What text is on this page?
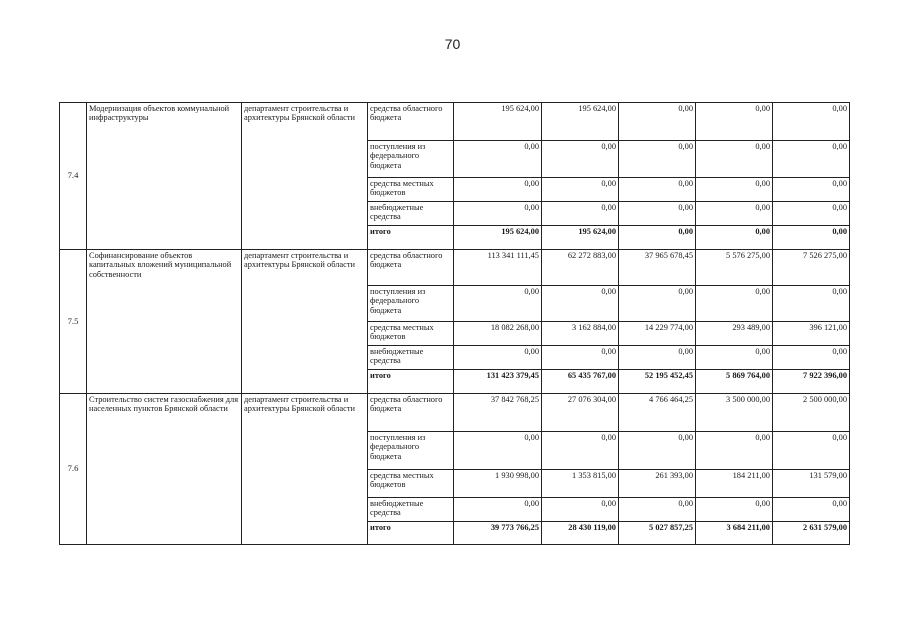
70
7.4	Модернизация объектов коммунальной инфраструктуры	департамент строительства и архитектуры Брянской области	средства областного бюджета	195 624,00	195 624,00	0,00	0,00	0,00
			поступления из федерального бюджета	0,00	0,00	0,00	0,00	0,00
			средства местных бюджетов	0,00	0,00	0,00	0,00	0,00
			внебюджетные средства	0,00	0,00	0,00	0,00	0,00
			итого	195 624,00	195 624,00	0,00	0,00	0,00
7.5	Софинансирование объектов капитальных вложений муниципальной собственности	департамент строительства и архитектуры Брянской области	средства областного бюджета	113 341 111,45	62 272 883,00	37 965 678,45	5 576 275,00	7 526 275,00
			поступления из федерального бюджета	0,00	0,00	0,00	0,00	0,00
			средства местных бюджетов	18 082 268,00	3 162 884,00	14 229 774,00	293 489,00	396 121,00
			внебюджетные средства	0,00	0,00	0,00	0,00	0,00
			итого	131 423 379,45	65 435 767,00	52 195 452,45	5 869 764,00	7 922 396,00
7.6	Строительство систем газоснабжения для населенных пунктов Брянской области	департамент строительства и архитектуры Брянской области	средства областного бюджета	37 842 768,25	27 076 304,00	4 766 464,25	3 500 000,00	2 500 000,00
			поступления из федерального бюджета	0,00	0,00	0,00	0,00	0,00
			средства местных бюджетов	1 930 998,00	1 353 815,00	261 393,00	184 211,00	131 579,00
			внебюджетные средства	0,00	0,00	0,00	0,00	0,00
			итого	39 773 766,25	28 430 119,00	5 027 857,25	3 684 211,00	2 631 579,00
